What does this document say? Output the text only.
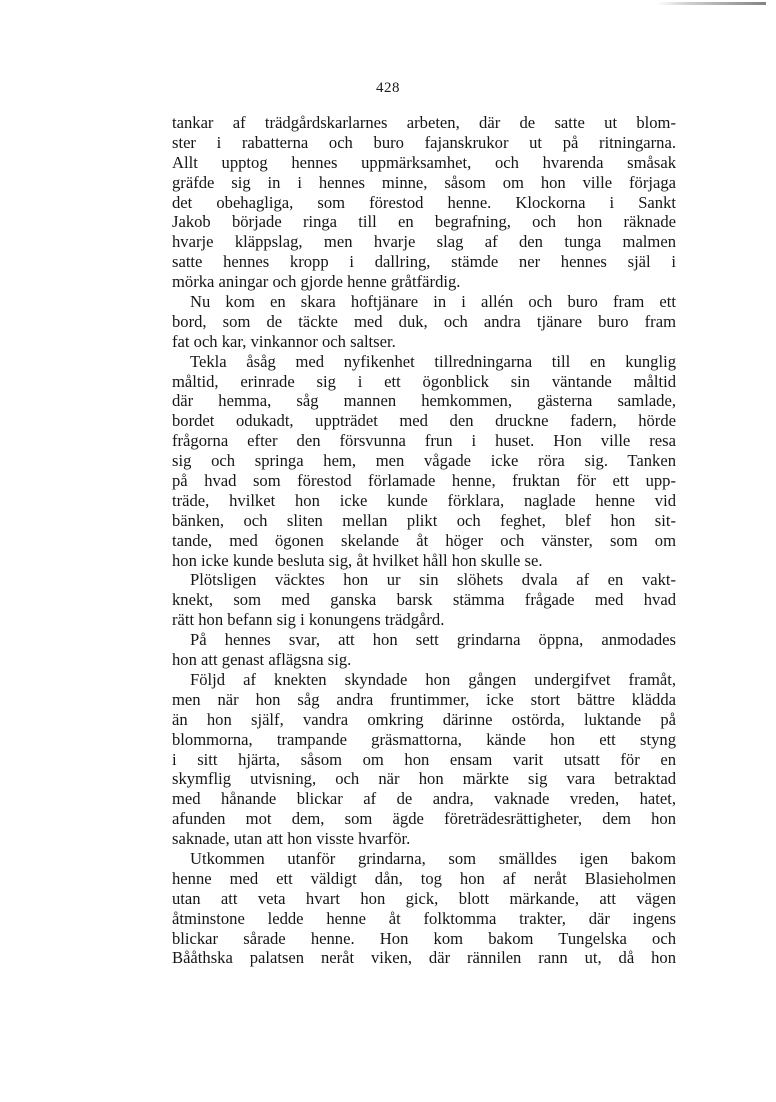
428
tankar af trädgårdskarlarnes arbeten, där de satte ut blom-
ster i rabatterna och buro fajanskrukor ut på ritningarna.
Allt upptog hennes uppmärksamhet, och hvarenda småsak
gräfde sig in i hennes minne, såsom om hon ville förjaga
det obehagliga, som förestod henne. Klockorna i Sankt
Jakob började ringa till en begrafning, och hon räknade
hvarje kläppslag, men hvarje slag af den tunga malmen
satte hennes kropp i dallring, stämde ner hennes själ i
mörka aningar och gjorde henne gråtfärdig.
Nu kom en skara hoftjänare in i allén och buro fram ett
bord, som de täckte med duk, och andra tjänare buro fram
fat och kar, vinkannor och saltser.
Tekla åsåg med nyfikenhet tillredningarna till en kunglig
måltid, erinrade sig i ett ögonblick sin väntande måltid
där hemma, såg mannen hemkommen, gästerna samlade,
bordet odukadt, uppträdet med den druckne fadern, hörde
frågorna efter den försvunna frun i huset. Hon ville resa
sig och springa hem, men vågade icke röra sig. Tanken
på hvad som förestod förlamade henne, fruktan för ett upp-
träde, hvilket hon icke kunde förklara, naglade henne vid
bänken, och sliten mellan plikt och feghet, blef hon sit-
tande, med ögonen skelande åt höger och vänster, som om
hon icke kunde besluta sig, åt hvilket håll hon skulle se.
Plötsligen väcktes hon ur sin slöhets dvala af en vakt-
knekt, som med ganska barsk stämma frågade med hvad
rätt hon befann sig i konungens trädgård.
På hennes svar, att hon sett grindarna öppna, anmodades
hon att genast aflägsna sig.
Följd af knekten skyndade hon gången undergifvet framåt,
men när hon såg andra fruntimmer, icke stort bättre klädda
än hon själf, vandra omkring därinne ostörda, luktande på
blommorna, trampande gräsmattorna, kände hon ett styng
i sitt hjärta, såsom om hon ensam varit utsatt för en
skymflig utvisning, och när hon märkte sig vara betraktad
med hånande blickar af de andra, vaknade vreden, hatet,
afunden mot dem, som ägde företrädesrättigheter, dem hon
saknade, utan att hon visste hvarför.
Utkommen utanför grindarna, som smälldes igen bakom
henne med ett väldigt dån, tog hon af neråt Blasieholmen
utan att veta hvart hon gick, blott märkande, att vägen
åtminstone ledde henne åt folktomma trakter, där ingens
blickar sårade henne. Hon kom bakom Tungelska och
Bååthska palatsen neråt viken, där rännilen rann ut, då hon
